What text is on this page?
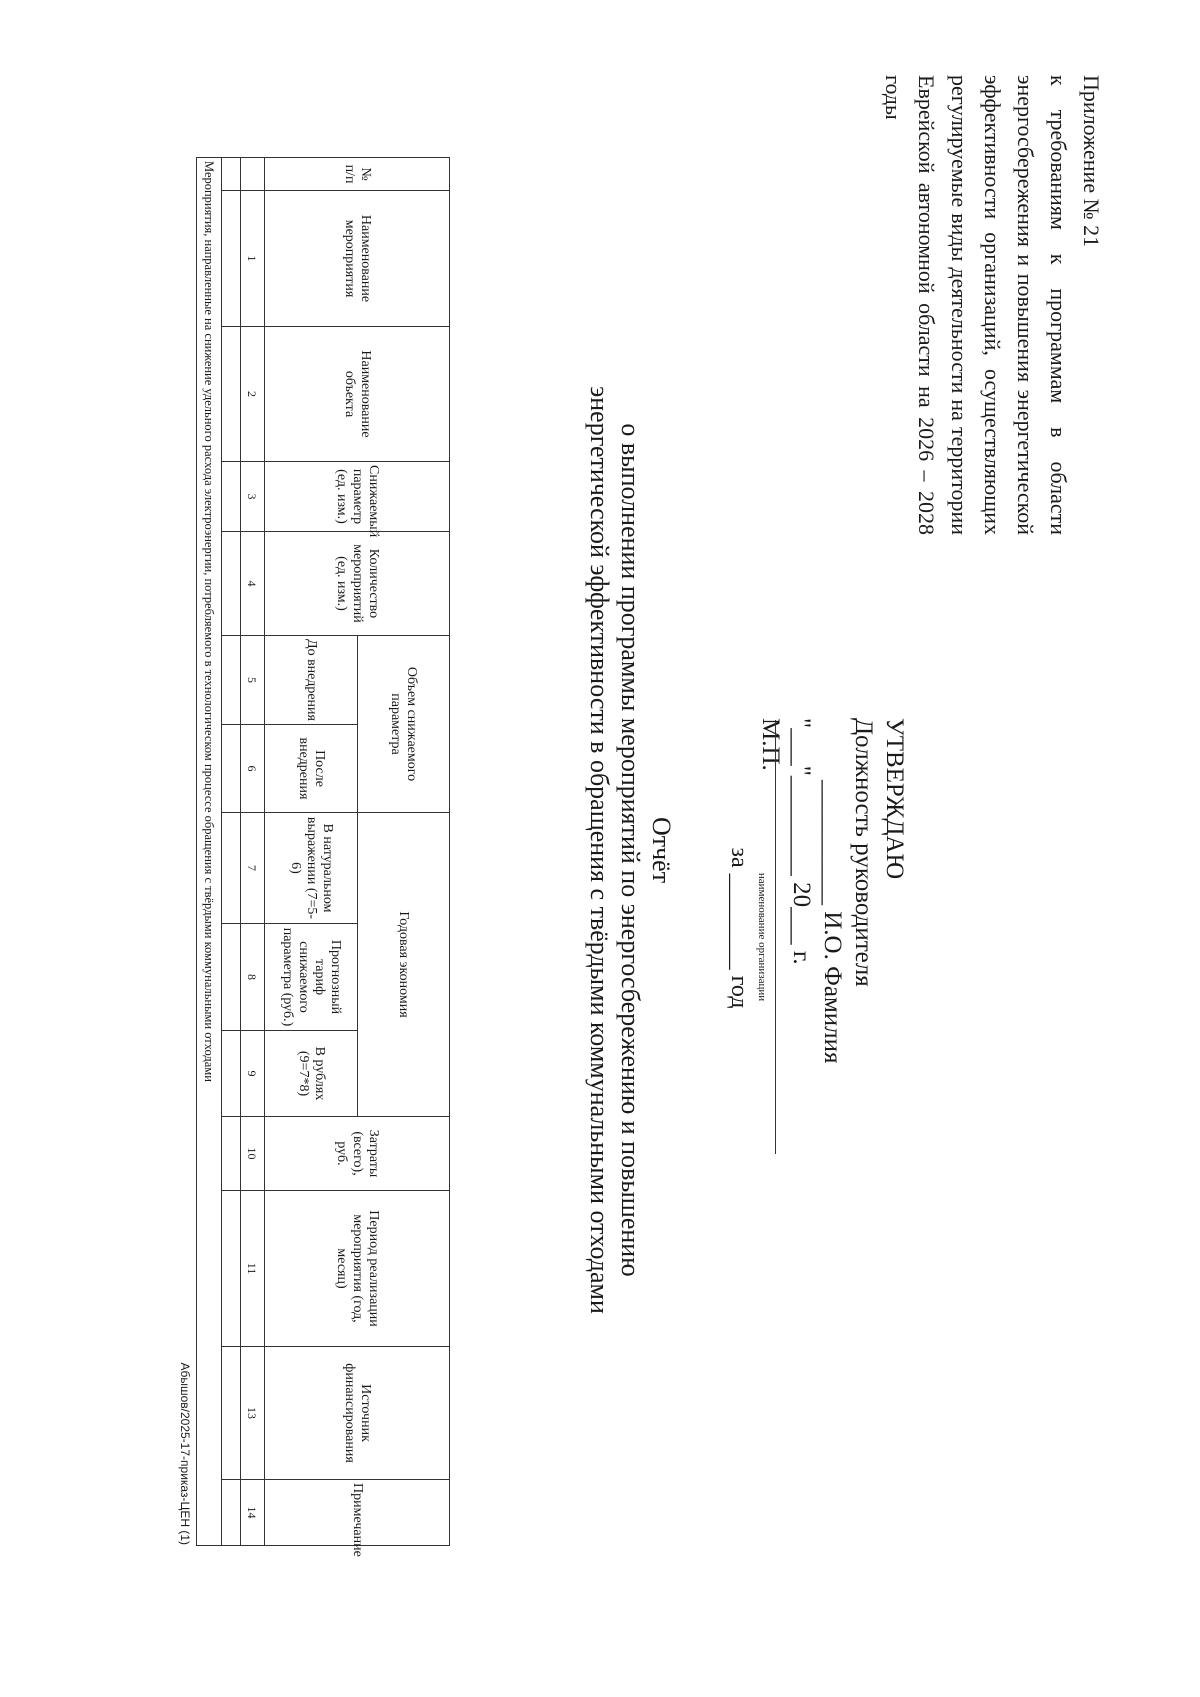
Приложение № 21
к требованиям к программам в области энергосбережения и повышения энергетической эффективности организаций, осуществляющих регулируемые виды деятельности на территории Еврейской автономной области на 2026 – 2028 годы
УТВЕРЖДАЮ
Должность руководителя
__________ И.О. Фамилия
"___"________ 20___ г.
М.П.
Отчёт
о выполнении программы мероприятий по энергосбережению и повышению
энергетической эффективности в обращения с твёрдыми коммунальными отходами	наименование организации
за ________ год
№ п/п	Наименование мероприятия	Наименование объекта	Снижаемый параметр (ед. изм.)	Количество мероприятий (ед. изм.)	Объем снижаемого параметра		Годовая экономия			Затраты (всего), руб.	Период реализации мероприятия (год, месяц)	Источник финансирования	Примечание
					До внедрения	После внедрения	В натуральном выражении (7=5-6)	Прогнозный тариф снижаемого параметра (руб.)	В рублях (9=7*8)				
	1	2	3	4	5	6	7	8	9	10	11	13	14

Мероприятия, направленные на снижение удельного расхода электроэнергии, потребляемого в технологическом процессе обращения с твёрдыми коммунальными отходами													
Абышов/2025-17-приказ-ЦЕН (1)
